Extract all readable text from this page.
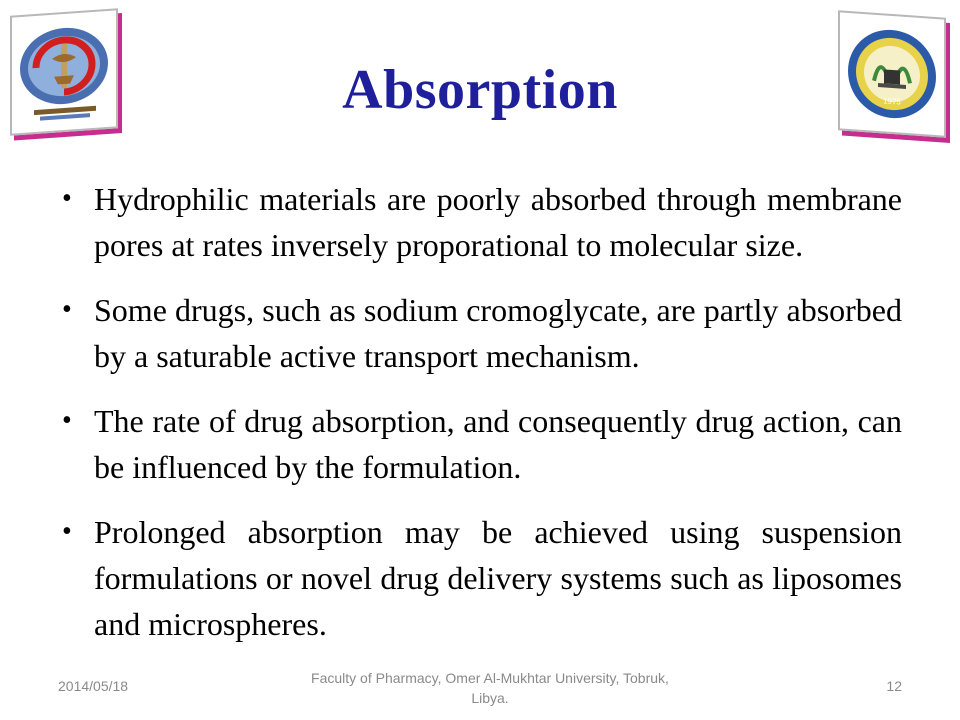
1975
Absorption
• Hydrophilic materials are poorly absorbed through membrane pores at rates inversely proporational to molecular size.
• Some drugs, such as sodium cromoglycate, are partly absorbed by a saturable active transport mechanism.
• The rate of drug absorption, and consequently drug action, can be influenced by the formulation.
• Prolonged absorption may be achieved using suspension formulations or novel drug delivery systems such as liposomes and microspheres.
2014/05/18	Faculty of Pharmacy, Omer Al-Mukhtar University, Tobruk, Libya.
12
